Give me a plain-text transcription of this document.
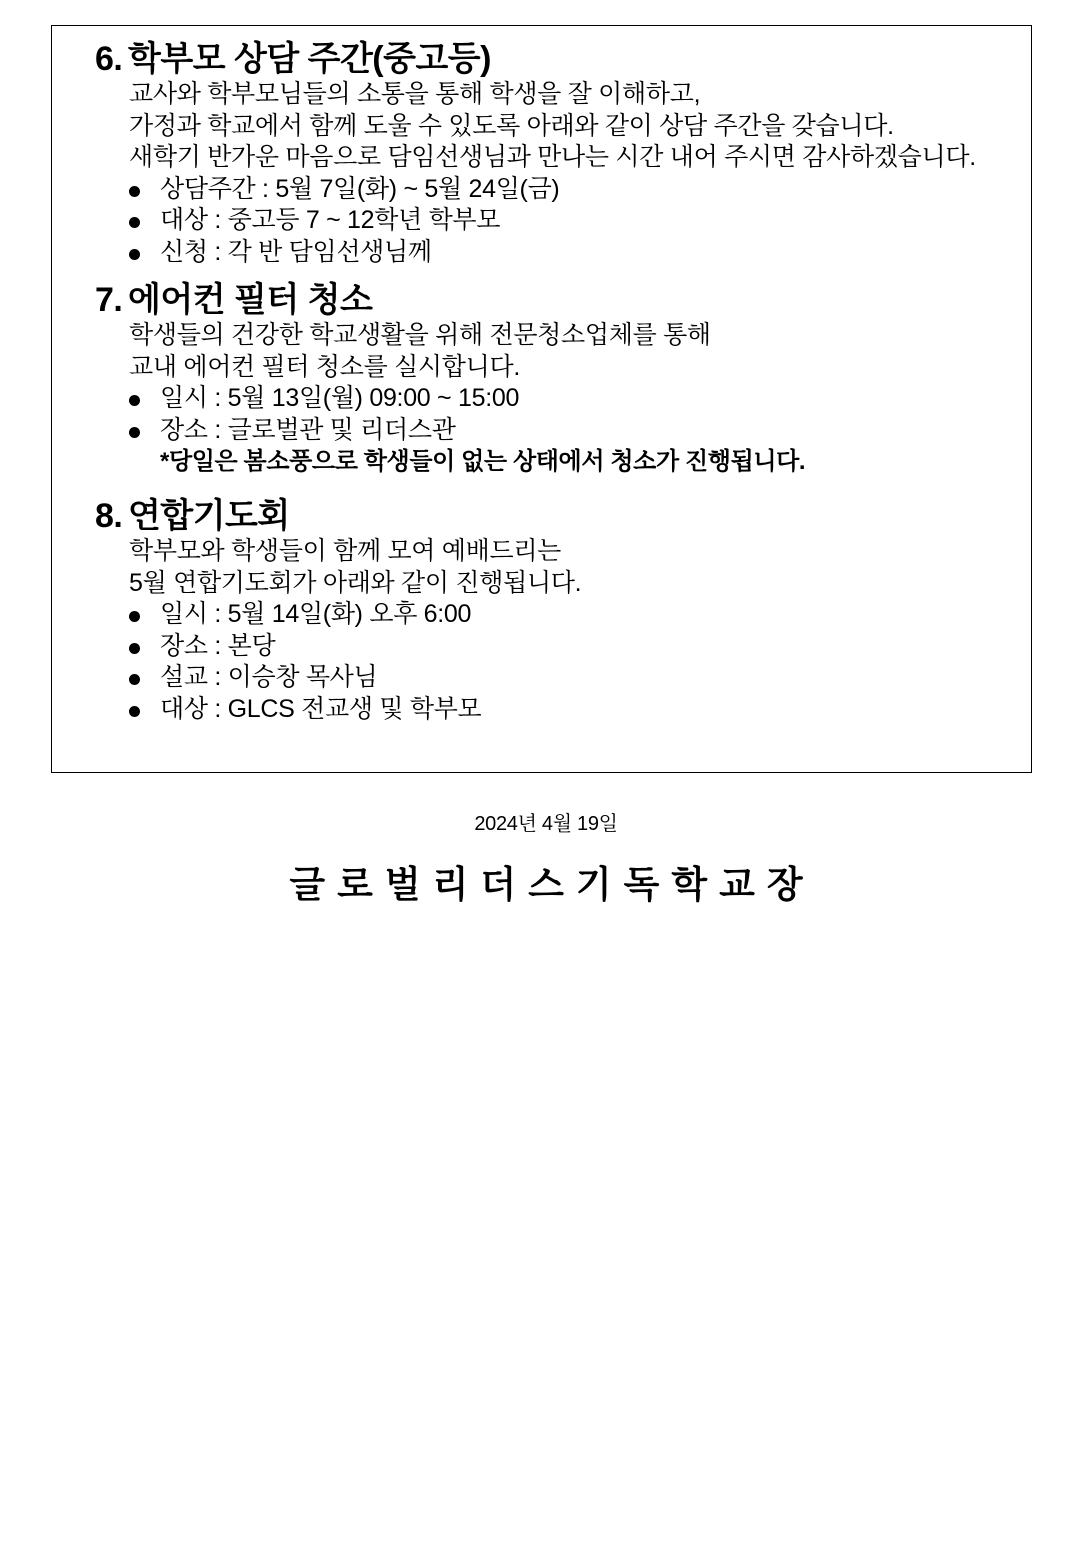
6. 학부모 상담 주간(중고등)
교사와 학부모님들의 소통을 통해 학생을 잘 이해하고,
가정과 학교에서 함께 도울 수 있도록 아래와 같이 상담 주간을 갖습니다.
새학기 반가운 마음으로 담임선생님과 만나는 시간 내어 주시면 감사하겠습니다.
상담주간 : 5월 7일(화) ~ 5월 24일(금)
대상 : 중고등 7 ~ 12학년 학부모
신청 : 각 반 담임선생님께
7. 에어컨 필터 청소
학생들의 건강한 학교생활을 위해 전문청소업체를 통해
교내 에어컨 필터 청소를 실시합니다.
일시 : 5월 13일(월) 09:00 ~ 15:00
장소 : 글로벌관 및 리더스관
*당일은 봄소풍으로 학생들이 없는 상태에서 청소가 진행됩니다.
8. 연합기도회
학부모와 학생들이 함께 모여 예배드리는
5월 연합기도회가 아래와 같이 진행됩니다.
일시 : 5월 14일(화) 오후 6:00
장소 : 본당
설교 : 이승창 목사님
대상 : GLCS 전교생 및 학부모
2024년 4월 19일
글로벌리더스기독학교장
